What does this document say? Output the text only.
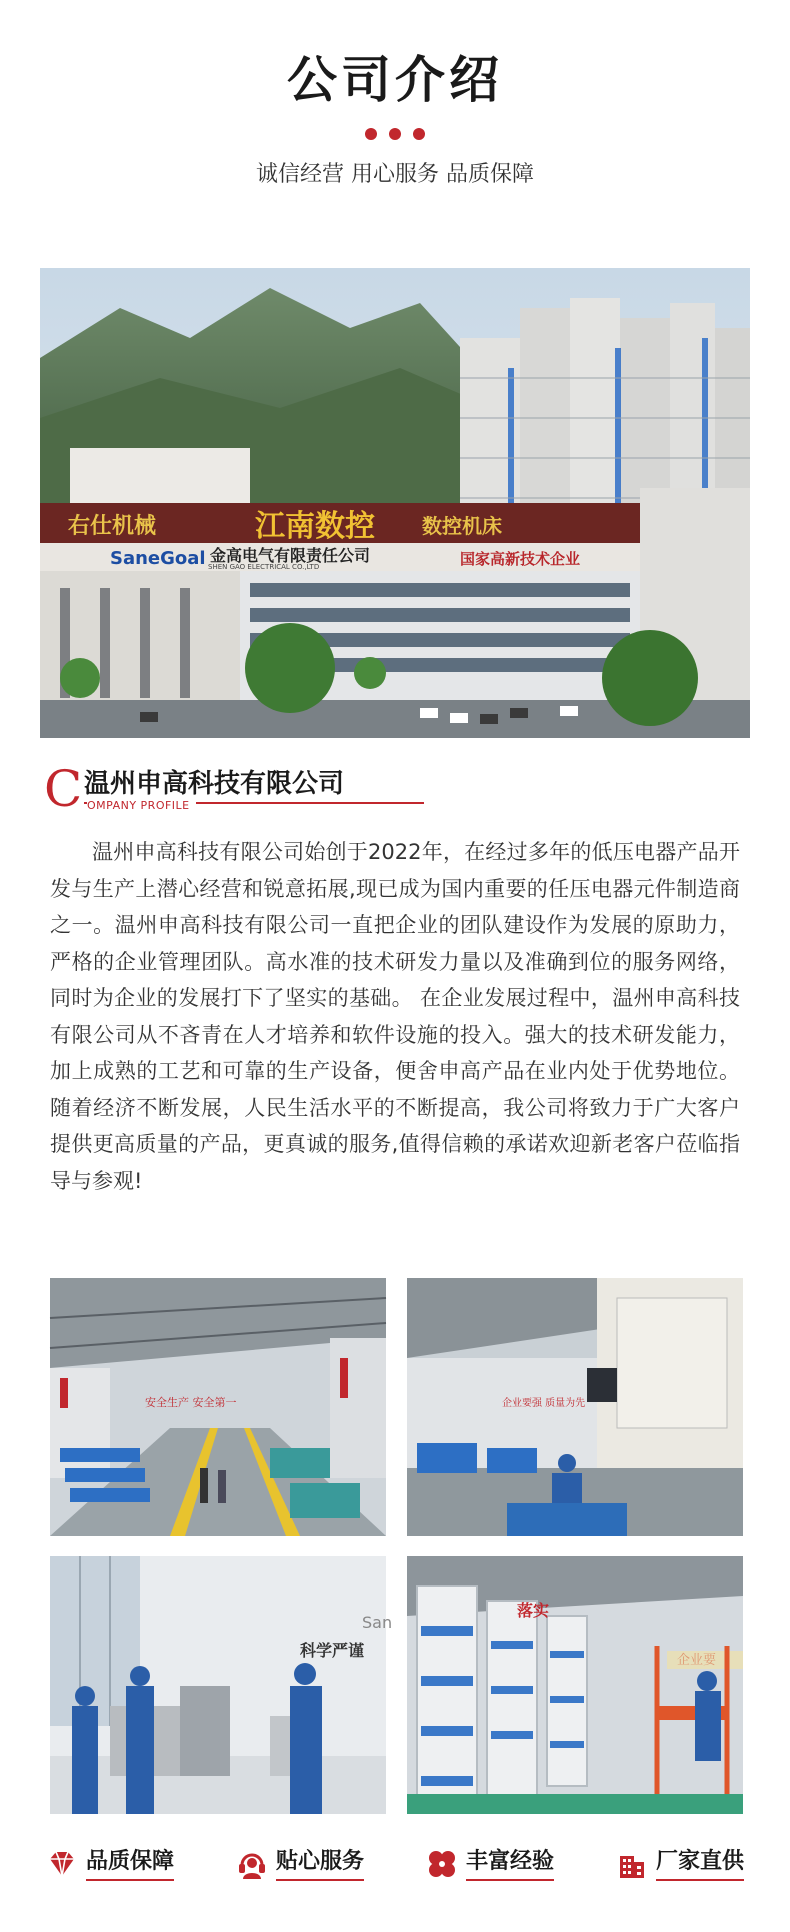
公司介绍
诚信经营 用心服务 品质保障
右仕机械	江南数控 数控机床
SaneGoal 金高电气有限责任公司
SHEN GAO ELECTRICAL CO.,LTD	国家高新技术企业
C 温州申高科技有限公司
OMPANY PROFILE

温州申高科技有限公司始创于2022年，在经过多年的低压电器产品开发与生产上潜心经营和锐意拓展,现已成为国内重要的任压电器元件制造商之一。温州申高科技有限公司一直把企业的团队建设作为发展的原助力，严格的企业管理团队。高水准的技术研发力量以及准确到位的服务网络，同时为企业的发展打下了坚实的基础。 在企业发展过程中，温州申高科技有限公司从不吝青在人才培养和软件设施的投入。强大的技术研发能力，加上成熟的工艺和可靠的生产设备，便舍申高产品在业内处于优势地位。随着经济不断发展，人民生活水平的不断提高，我公司将致力于广大客户提供更高质量的产品，更真诚的服务,值得信赖的承诺欢迎新老客户莅临指导与参观!

安全生产 安全第一	企业要强 质量为先
科学严谨
San
落实
品质保障	贴心服务	丰富经验	厂家直供
